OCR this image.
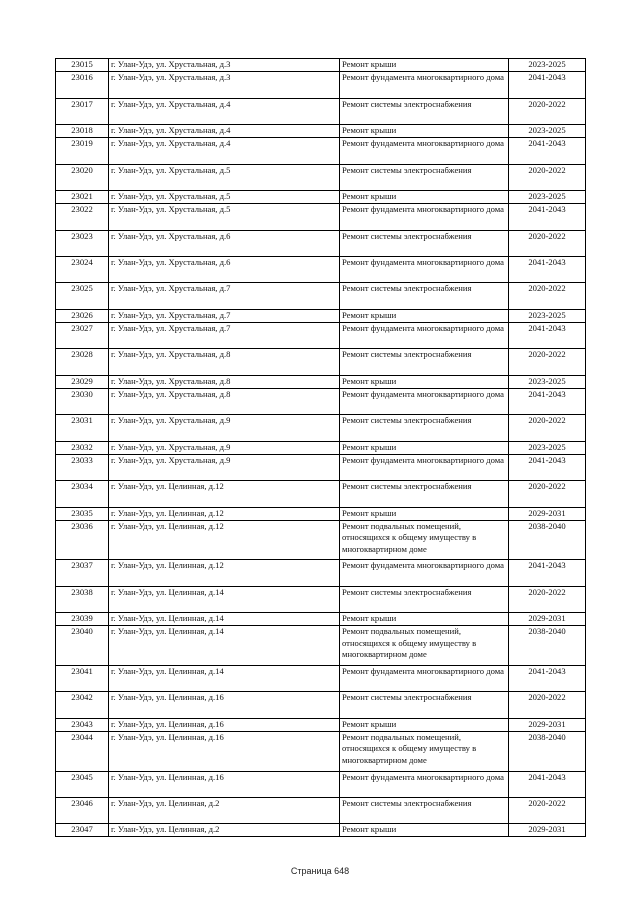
23015	г. Улан-Удэ, ул. Хрустальная, д.3	Ремонт крыши	2023-2025
23016	г. Улан-Удэ, ул. Хрустальная, д.3	Ремонт фундамента многоквартирного дома	2041-2043
23017	г. Улан-Удэ, ул. Хрустальная, д.4	Ремонт системы электроснабжения	2020-2022
23018	г. Улан-Удэ, ул. Хрустальная, д.4	Ремонт крыши	2023-2025
23019	г. Улан-Удэ, ул. Хрустальная, д.4	Ремонт фундамента многоквартирного дома	2041-2043
23020	г. Улан-Удэ, ул. Хрустальная, д.5	Ремонт системы электроснабжения	2020-2022
23021	г. Улан-Удэ, ул. Хрустальная, д.5	Ремонт крыши	2023-2025
23022	г. Улан-Удэ, ул. Хрустальная, д.5	Ремонт фундамента многоквартирного дома	2041-2043
23023	г. Улан-Удэ, ул. Хрустальная, д.6	Ремонт системы электроснабжения	2020-2022
23024	г. Улан-Удэ, ул. Хрустальная, д.6	Ремонт фундамента многоквартирного дома	2041-2043
23025	г. Улан-Удэ, ул. Хрустальная, д.7	Ремонт системы электроснабжения	2020-2022
23026	г. Улан-Удэ, ул. Хрустальная, д.7	Ремонт крыши	2023-2025
23027	г. Улан-Удэ, ул. Хрустальная, д.7	Ремонт фундамента многоквартирного дома	2041-2043
23028	г. Улан-Удэ, ул. Хрустальная, д.8	Ремонт системы электроснабжения	2020-2022
23029	г. Улан-Удэ, ул. Хрустальная, д.8	Ремонт крыши	2023-2025
23030	г. Улан-Удэ, ул. Хрустальная, д.8	Ремонт фундамента многоквартирного дома	2041-2043
23031	г. Улан-Удэ, ул. Хрустальная, д.9	Ремонт системы электроснабжения	2020-2022
23032	г. Улан-Удэ, ул. Хрустальная, д.9	Ремонт крыши	2023-2025
23033	г. Улан-Удэ, ул. Хрустальная, д.9	Ремонт фундамента многоквартирного дома	2041-2043
23034	г. Улан-Удэ, ул. Целинная, д.12	Ремонт системы электроснабжения	2020-2022
23035	г. Улан-Удэ, ул. Целинная, д.12	Ремонт крыши	2029-2031
23036	г. Улан-Удэ, ул. Целинная, д.12	Ремонт подвальных помещений, относящихся к общему имуществу в многоквартирном доме	2038-2040
23037	г. Улан-Удэ, ул. Целинная, д.12	Ремонт фундамента многоквартирного дома	2041-2043
23038	г. Улан-Удэ, ул. Целинная, д.14	Ремонт системы электроснабжения	2020-2022
23039	г. Улан-Удэ, ул. Целинная, д.14	Ремонт крыши	2029-2031
23040	г. Улан-Удэ, ул. Целинная, д.14	Ремонт подвальных помещений, относящихся к общему имуществу в многоквартирном доме	2038-2040
23041	г. Улан-Удэ, ул. Целинная, д.14	Ремонт фундамента многоквартирного дома	2041-2043
23042	г. Улан-Удэ, ул. Целинная, д.16	Ремонт системы электроснабжения	2020-2022
23043	г. Улан-Удэ, ул. Целинная, д.16	Ремонт крыши	2029-2031
23044	г. Улан-Удэ, ул. Целинная, д.16	Ремонт подвальных помещений, относящихся к общему имуществу в многоквартирном доме	2038-2040
23045	г. Улан-Удэ, ул. Целинная, д.16	Ремонт фундамента многоквартирного дома	2041-2043
23046	г. Улан-Удэ, ул. Целинная, д.2	Ремонт системы электроснабжения	2020-2022
23047	г. Улан-Удэ, ул. Целинная, д.2	Ремонт крыши	2029-2031
Страница 648
